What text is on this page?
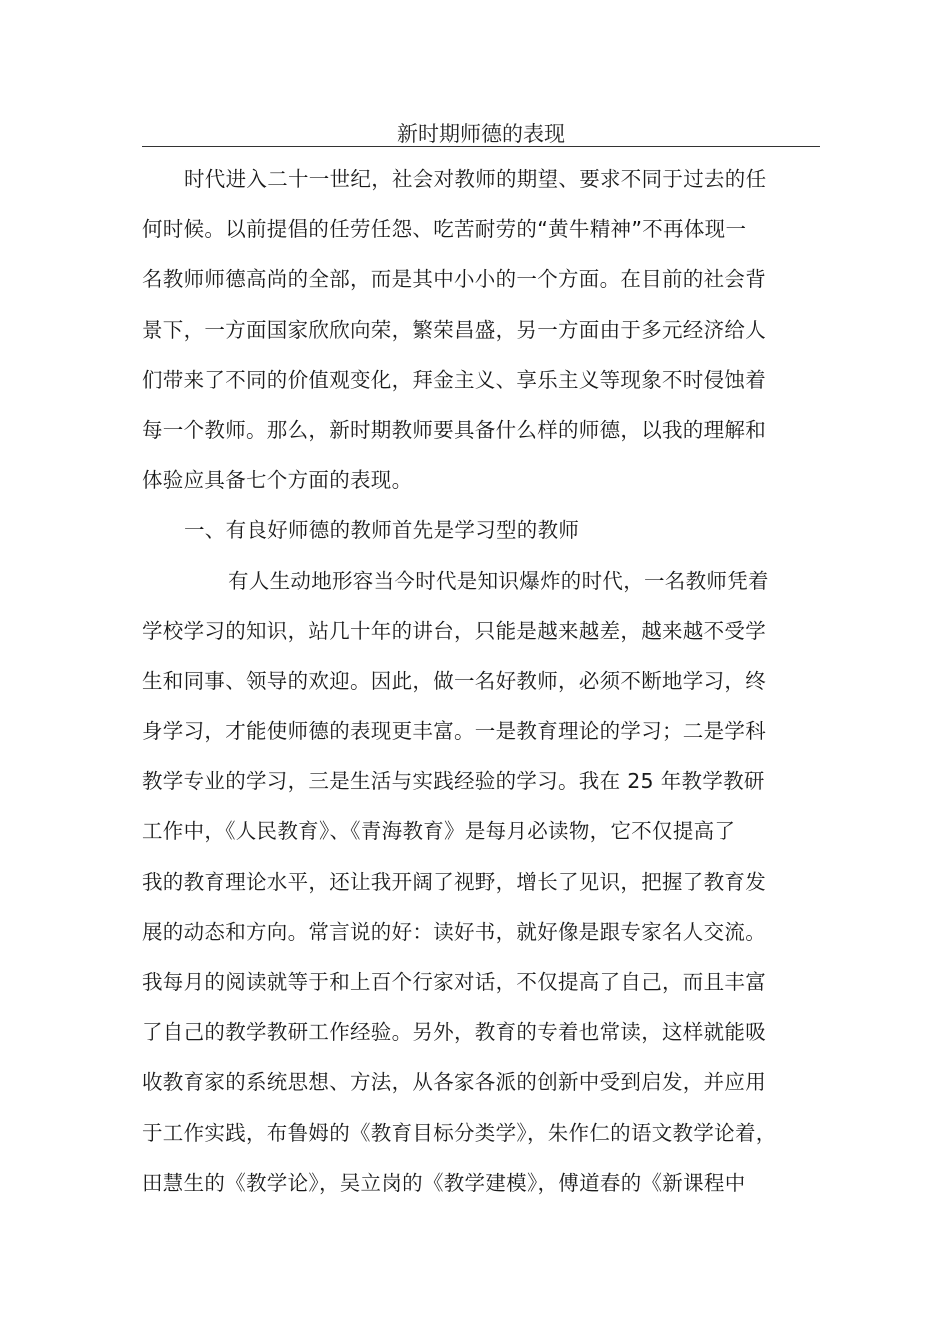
新时期师德的表现
时代进入二十一世纪，社会对教师的期望、要求不同于过去的任
何时候。以前提倡的任劳任怨、吃苦耐劳的“黄牛精神”不再体现一
名教师师德高尚的全部，而是其中小小的一个方面。在目前的社会背
景下，一方面国家欣欣向荣，繁荣昌盛，另一方面由于多元经济给人
们带来了不同的价值观变化，拜金主义、享乐主义等现象不时侵蚀着
每一个教师。那么，新时期教师要具备什么样的师德，以我的理解和
体验应具备七个方面的表现。
一、有良好师德的教师首先是学习型的教师
有人生动地形容当今时代是知识爆炸的时代，一名教师凭着
学校学习的知识，站几十年的讲台，只能是越来越差，越来越不受学
生和同事、领导的欢迎。因此，做一名好教师，必须不断地学习，终
身学习，才能使师德的表现更丰富。一是教育理论的学习；二是学科
教学专业的学习，三是生活与实践经验的学习。我在 25 年教学教研
工作中，《人民教育》、《青海教育》是每月必读物，它不仅提高了
我的教育理论水平，还让我开阔了视野，增长了见识，把握了教育发
展的动态和方向。常言说的好：读好书，就好像是跟专家名人交流。
我每月的阅读就等于和上百个行家对话，不仅提高了自己，而且丰富
了自己的教学教研工作经验。另外，教育的专着也常读，这样就能吸
收教育家的系统思想、方法，从各家各派的创新中受到启发，并应用
于工作实践，布鲁姆的《教育目标分类学》，朱作仁的语文教学论着，
田慧生的《教学论》，吴立岗的《教学建模》，傅道春的《新课程中
